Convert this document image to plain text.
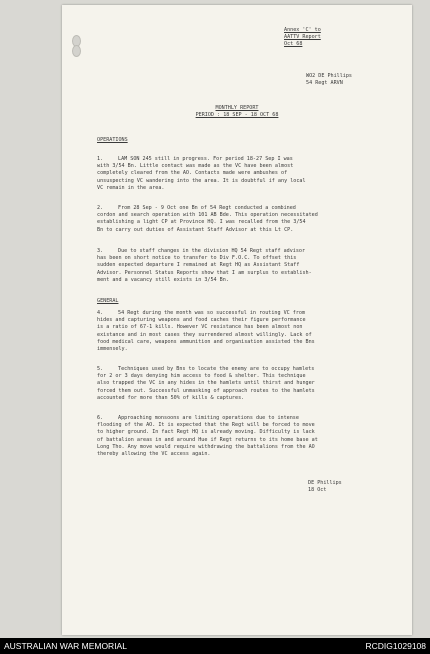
Annex 'C' to
AATTV Report
Oct 68
WO2 DE Phillips
54 Regt ARVN
MONTHLY REPORT
PERIOD : 18 SEP - 18 OCT 68
OPERATIONS
1.	LAM SON 245 still in progress. For period 18-27 Sep I was
with 3/54 Bn. Little contact was made as the VC have been almost
completely cleared from the AO. Contacts made were ambushes of
unsuspecting VC wandering into the area. It is doubtful if any local
VC remain in the area.
2.	From 28 Sep - 9 Oct one Bn of 54 Regt conducted a combined
cordon and search operation with 101 AB Bde. This operation necessitated
establishing a light CP at Province HQ. I was recalled from the 3/54
Bn to carry out duties of Assistant Staff Advisor at this Lt CP.
3.	Due to staff changes in the division HQ 54 Regt staff advisor
has been on short notice to transfer to Div F.O.C. To offset this
sudden expected departure I remained at Regt HQ as Assistant Staff
Advisor. Personnel Status Reports show that I am surplus to establish-
ment and a vacancy still exists in 3/54 Bn.
GENERAL
4.	54 Regt during the month was so successful in routing VC from
hides and capturing weapons and food caches their figure performance
is a ratio of 67-1 kills. However VC resistance has been almost non
existance and in most cases they surrendered almost willingly. Lack of
food medical care, weapons ammunition and organisation assisted the Bns
immensely.
5.	Techniques used by Bns to locate the enemy are to occupy hamlets
for 2 or 3 days denying him access to food & shelter. This technique
also trapped the VC in any hides in the hamlets until thirst and hunger
forced them out. Successful unmasking of approach routes to the hamlets
accounted for more than 50% of kills & captures.
6.	Approaching monsoons are limiting operations due to intense
flooding of the AO. It is expected that the Regt will be forced to move
to higher ground. In fact Regt HQ is already moving. Difficulty is lack
of battalion areas in and around Hue if Regt returns to its home base at
Long Tho. Any move would require withdrawing the battalions from the AO
thereby allowing the VC access again.
DE Phillips
18 Oct
AUSTRALIAN WAR MEMORIAL	RCDIG1029108
